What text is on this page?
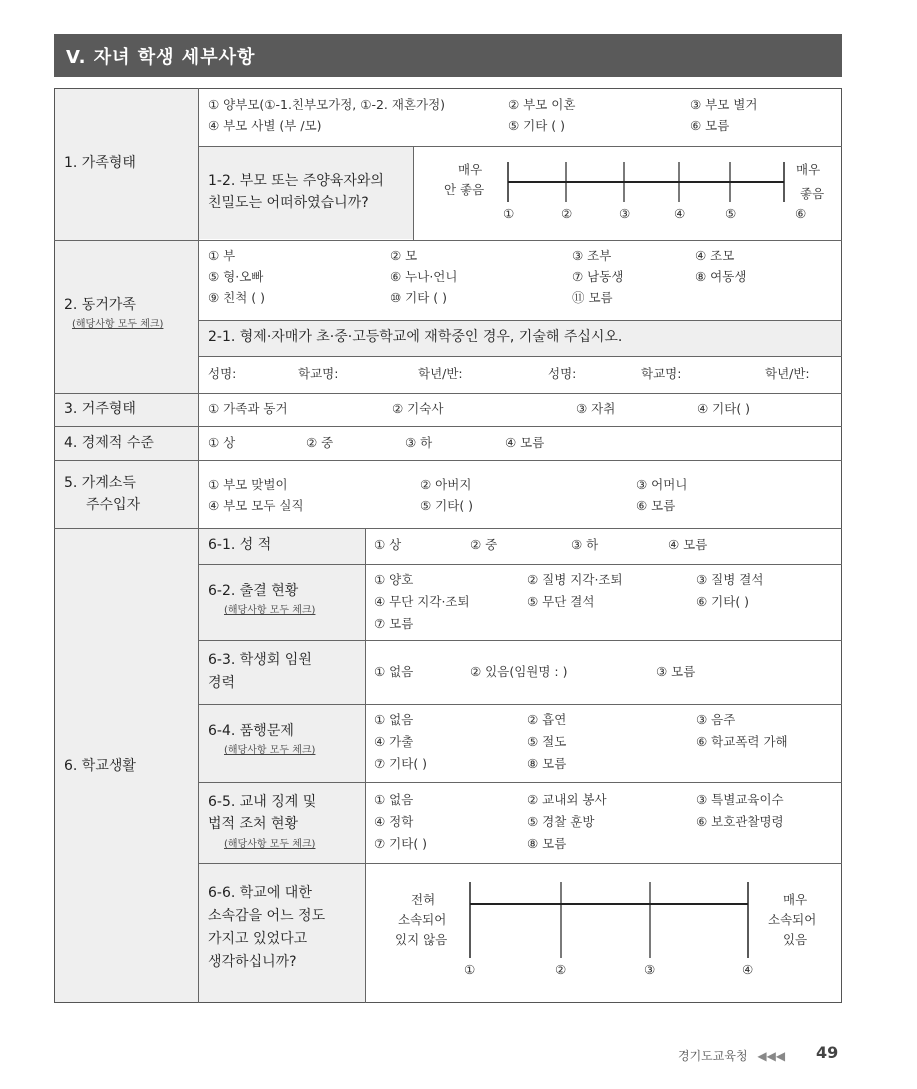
V. 자녀 학생 세부사항
1. 가족형태
① 양부모(①-1.친부모가정, ①-2. 재혼가정)	② 부모 이혼	③ 부모 별거
④ 부모 사별 (부 /모)	⑤ 기타 ( )	⑥ 모름
1-2. 부모 또는 주양육자와의
친밀도는 어떠하였습니까?
매우
안 좋음
매우
좋음
①	②	③	④	⑤	⑥
2. 동거가족
(해당사항 모두 체크)
① 부	② 모	③ 조부	④ 조모
⑤ 형·오빠	⑥ 누나·언니	⑦ 남동생	⑧ 여동생
⑨ 친척 ( )	⑩ 기타 ( )	⑪ 모름
2-1. 형제·자매가 초·중·고등학교에 재학중인 경우, 기술해 주십시오.
성명:	학교명:	학년/반:	성명:	학교명:	학년/반:
3. 거주형태	① 가족과 동거	② 기숙사	③ 자취	④ 기타( )
4. 경제적 수준	① 상	② 중	③ 하	④ 모름
5. 가계소득
주수입자
① 부모 맞벌이	② 아버지	③ 어머니
④ 부모 모두 실직	⑤ 기타( )	⑥ 모름
6. 학교생활
6-1. 성 적	① 상	② 중	③ 하	④ 모름
6-2. 출결 현황
(해당사항 모두 체크)
① 양호	② 질병 지각·조퇴	③ 질병 결석
④ 무단 지각·조퇴	⑤ 무단 결석	⑥ 기타( )
⑦ 모름
6-3. 학생회 임원
경력
① 없음	② 있음(임원명 : )	③ 모름
6-4. 품행문제
(해당사항 모두 체크)
① 없음	② 흡연	③ 음주
④ 가출	⑤ 절도	⑥ 학교폭력 가해
⑦ 기타( )	⑧ 모름
6-5. 교내 징계 및
법적 조처 현황
(해당사항 모두 체크)
① 없음	② 교내외 봉사	③ 특별교육이수
④ 정학	⑤ 경찰 훈방	⑥ 보호관찰명령
⑦ 기타( )	⑧ 모름
6-6. 학교에 대한
소속감을 어느 정도
가지고 있었다고
생각하십니까?
전혀
소속되어
있지 않음
매우
소속되어
있음
①	②	③	④
경기도교육청 ◀◀◀ 49
